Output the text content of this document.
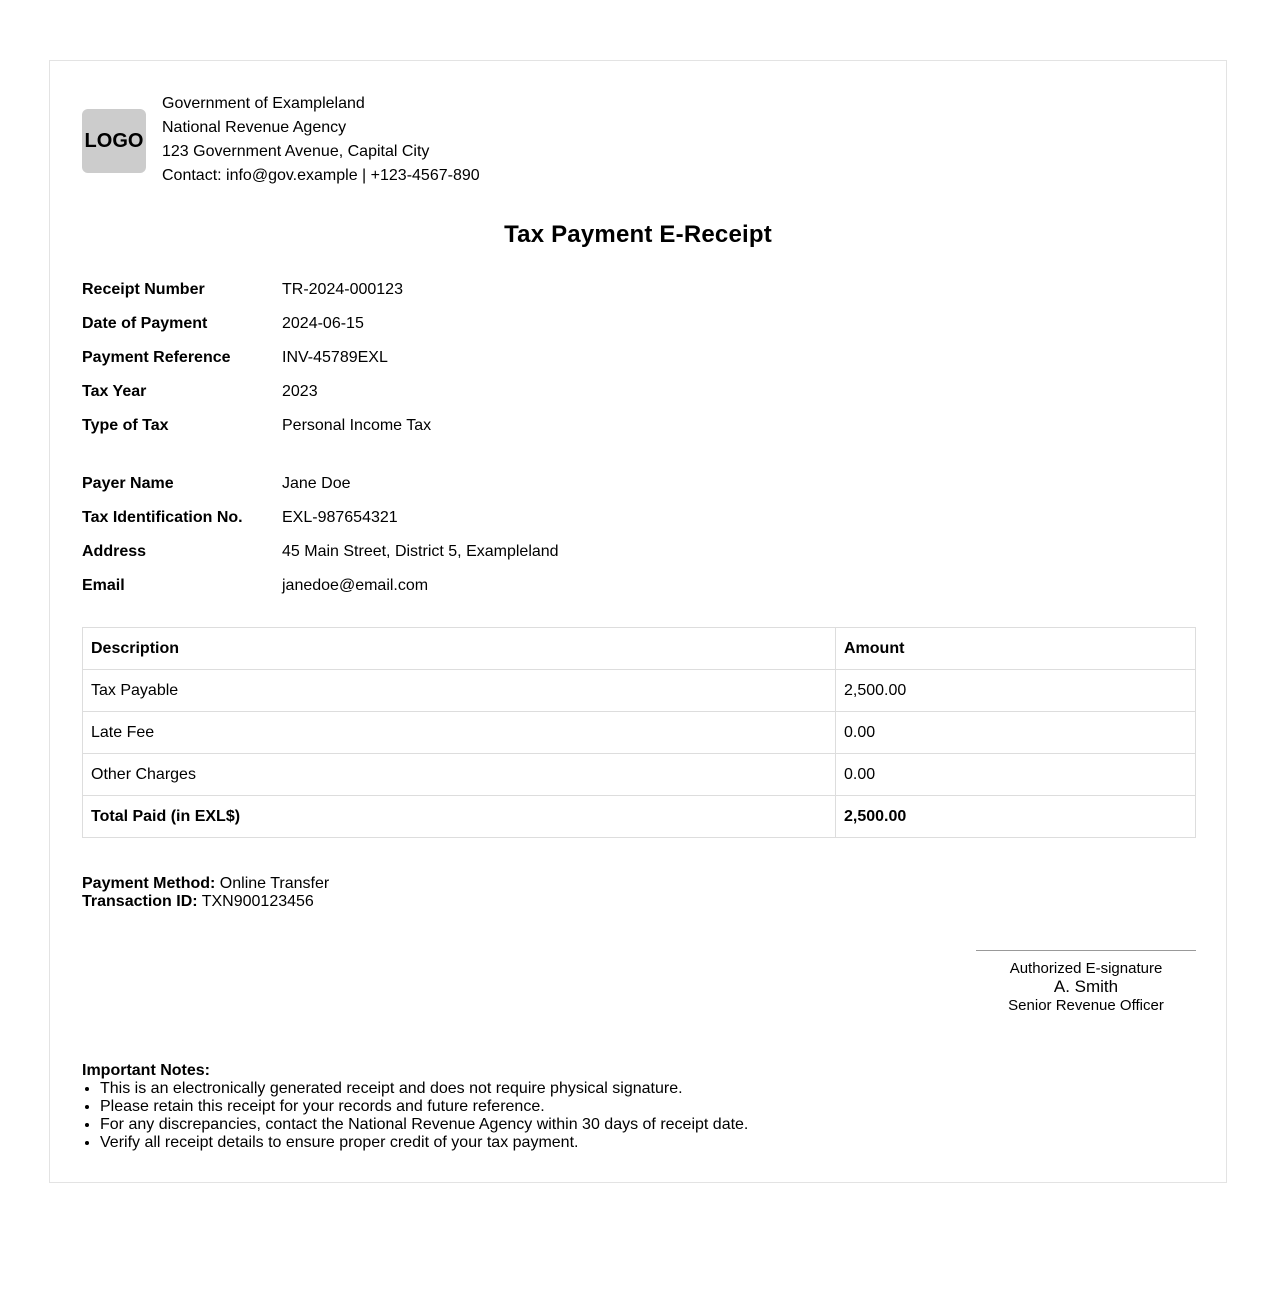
LOGO
Government of Exampleland
National Revenue Agency
123 Government Avenue, Capital City
Contact: info@gov.example | +123-4567-890
Tax Payment E-Receipt
Receipt Number	TR-2024-000123
Date of Payment	2024-06-15
Payment Reference	INV-45789EXL
Tax Year	2023
Type of Tax	Personal Income Tax
Payer Name	Jane Doe
Tax Identification No.	EXL-987654321
Address	45 Main Street, District 5, Exampleland
Email	janedoe@email.com
Description	Amount
Tax Payable	2,500.00
Late Fee	0.00
Other Charges	0.00
Total Paid (in EXL$)	2,500.00
Payment Method: Online Transfer
Transaction ID: TXN900123456
Authorized E-signature
A. Smith
Senior Revenue Officer
Important Notes:
• This is an electronically generated receipt and does not require physical signature.
• Please retain this receipt for your records and future reference.
• For any discrepancies, contact the National Revenue Agency within 30 days of receipt date.
• Verify all receipt details to ensure proper credit of your tax payment.
